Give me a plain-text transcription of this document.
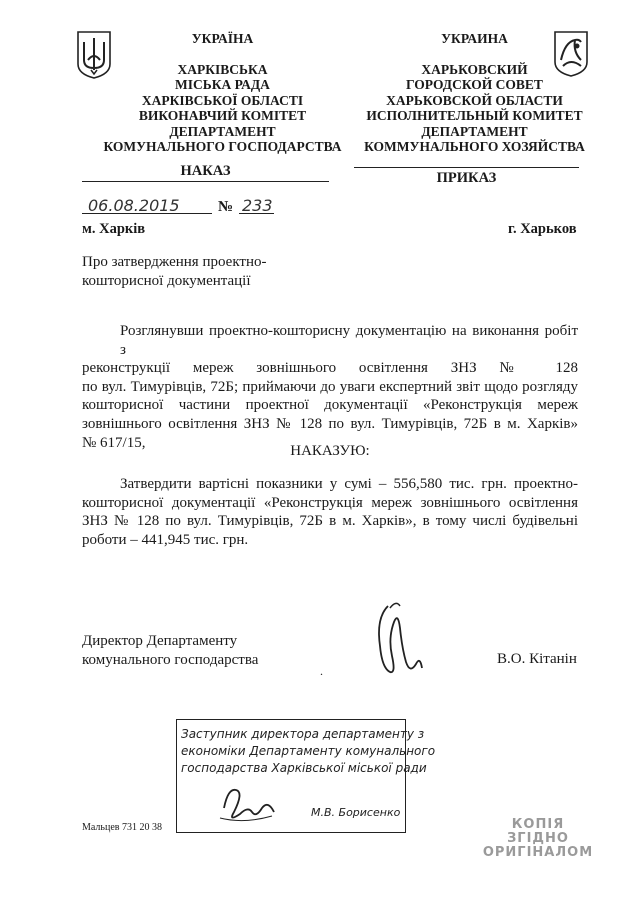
УКРАЇНА
ХАРКІВСЬКА
МІСЬКА РАДА
ХАРКІВСЬКОЇ ОБЛАСТІ
ВИКОНАВЧИЙ КОМІТЕТ
ДЕПАРТАМЕНТ
КОМУНАЛЬНОГО ГОСПОДАРСТВА
УКРАИНА
ХАРЬКОВСКИЙ
ГОРОДСКОЙ СОВЕТ
ХАРЬКОВСКОЙ ОБЛАСТИ
ИСПОЛНИТЕЛЬНЫЙ КОМИТЕТ
ДЕПАРТАМЕНТ
КОММУНАЛЬНОГО ХОЗЯЙСТВА
НАКАЗ	ПРИКАЗ
06.08.2015	№ 233
м. Харків	г. Харьков
Про затвердження проектно-
кошторисної документації
Розглянувши проектно-кошторисну документацію на виконання робіт з
реконструкції мереж зовнішнього освітлення ЗНЗ № 128
по вул. Тимурівців, 72Б; приймаючи до уваги експертний звіт щодо розгляду
кошторисної частини проектної документації «Реконструкція мереж
зовнішнього освітлення ЗНЗ № 128 по вул. Тимурівців, 72Б в м. Харків»
№ 617/15,
НАКАЗУЮ:
Затвердити вартісні показники у сумі – 556,580 тис. грн. проектно-
кошторисної документації «Реконструкція мереж зовнішнього освітлення
ЗНЗ № 128 по вул. Тимурівців, 72Б в м. Харків», в тому числі будівельні
роботи – 441,945 тис. грн.
Директор Департаменту
комунального господарства
.
В.О. Кітанін
Заступник директора департаменту з
економіки Департаменту комунального
господарства Харківської міської ради
М.В. Борисенко
Мальцев 731 20 38	КОПІЯ
ЗГІДНО
ОРИГІНАЛОМ
